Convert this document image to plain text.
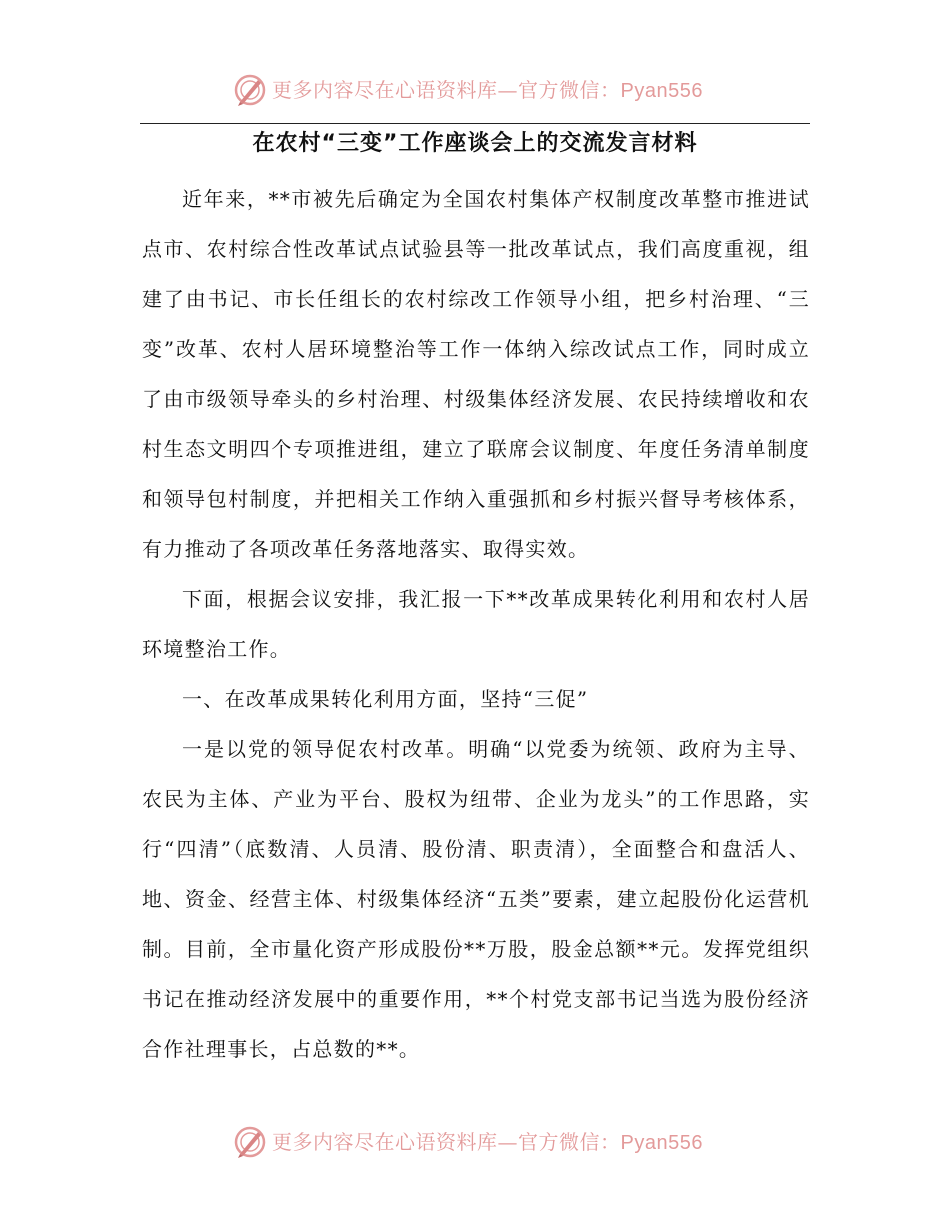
更多内容尽在心语资料库—官方微信：Pyan556
在农村“三变”工作座谈会上的交流发言材料

近年来，**市被先后确定为全国农村集体产权制度改革整市推进试点市、农村综合性改革试点试验县等一批改革试点，我们高度重视，组建了由书记、市长任组长的农村综改工作领导小组，把乡村治理、“三变”改革、农村人居环境整治等工作一体纳入综改试点工作，同时成立了由市级领导牵头的乡村治理、村级集体经济发展、农民持续增收和农村生态文明四个专项推进组，建立了联席会议制度、年度任务清单制度和领导包村制度，并把相关工作纳入重强抓和乡村振兴督导考核体系，有力推动了各项改革任务落地落实、取得实效。

下面，根据会议安排，我汇报一下**改革成果转化利用和农村人居环境整治工作。

一、在改革成果转化利用方面，坚持“三促”

一是以党的领导促农村改革。明确“以党委为统领、政府为主导、农民为主体、产业为平台、股权为纽带、企业为龙头”的工作思路，实行“四清”（底数清、人员清、股份清、职责清），全面整合和盘活人、地、资金、经营主体、村级集体经济“五类”要素，建立起股份化运营机制。目前，全市量化资产形成股份**万股，股金总额**元。发挥党组织书记在推动经济发展中的重要作用，**个村党支部书记当选为股份经济合作社理事长，占总数的**。

更多内容尽在心语资料库—官方微信：Pyan556
